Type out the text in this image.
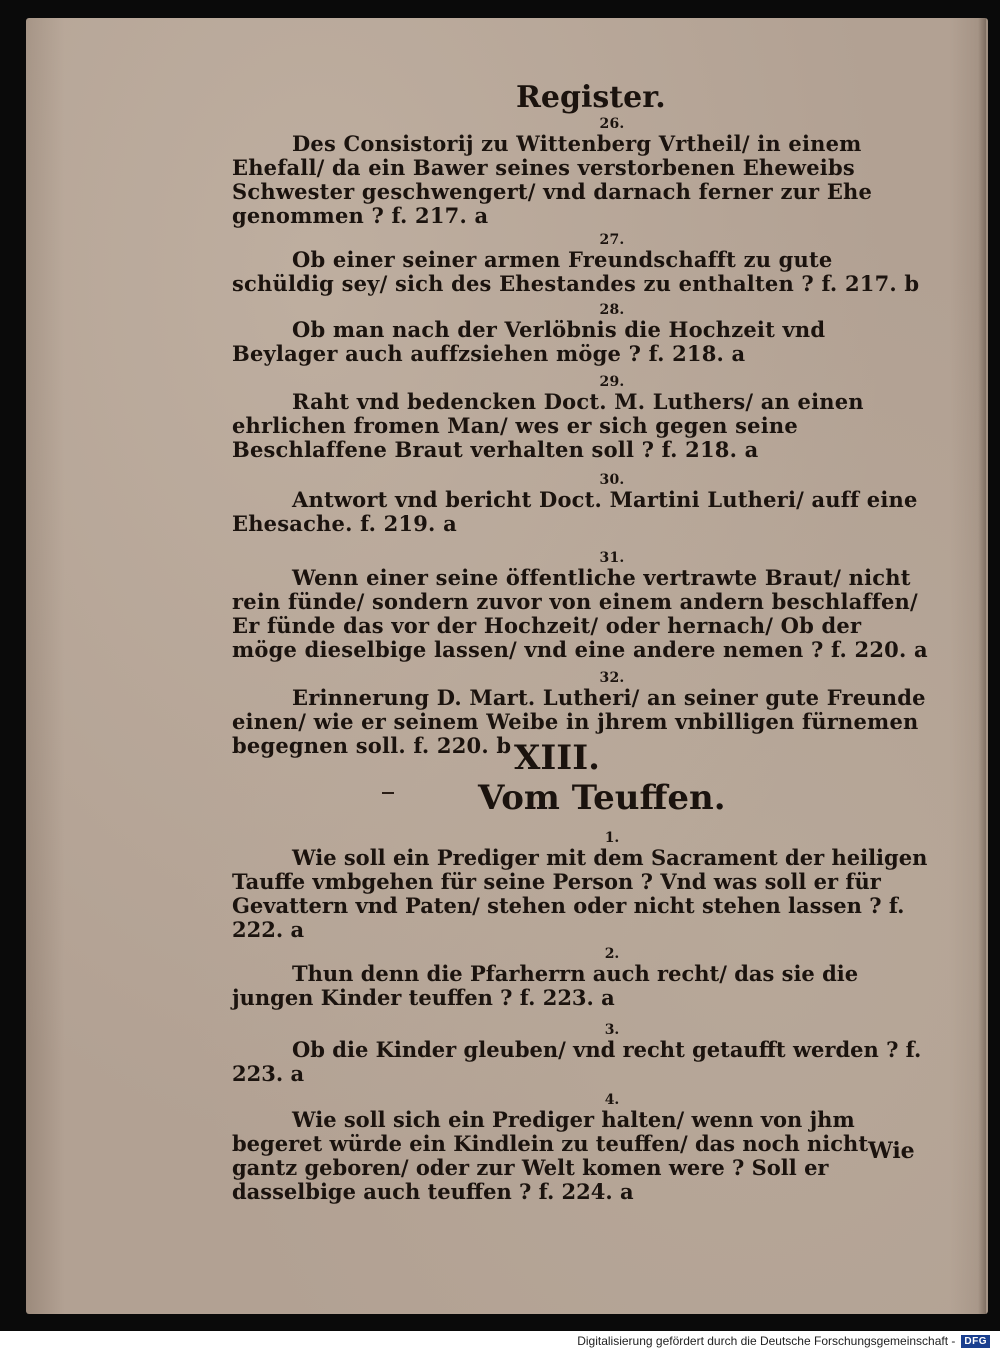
Register.
26.
Des Consistorij zu Wittenberg Vrtheil/ in einem Ehefall/ da ein Bawer seines verstorbenen Eheweibs Schwester geschwengert/ vnd darnach ferner zur Ehe genommen ? f. 217. a
27.
Ob einer seiner armen Freundschafft zu gute schüldig sey/ sich des Ehestandes zu enthalten ? f. 217. b
28.
Ob man nach der Verlöbnis die Hochzeit vnd Beylager auch auffzsiehen möge ? f. 218. a
29.
Raht vnd bedencken Doct. M. Luthers/ an einen ehrlichen fromen Man/ wes er sich gegen seine Beschlaffene Braut verhalten soll ? f. 218. a
30.
Antwort vnd bericht Doct. Martini Lutheri/ auff eine Ehesache. f. 219. a
31.
Wenn einer seine öffentliche vertrawte Braut/ nicht rein fünde/ sondern zuvor von einem andern beschlaffen/ Er fünde das vor der Hochzeit/ oder hernach/ Ob der möge dieselbige lassen/ vnd eine andere nemen ? f. 220. a
32.
Erinnerung D. Mart. Lutheri/ an seiner gute Freunde einen/ wie er seinem Weibe in jhrem vnbilligen fürnemen begegnen soll. f. 220. b XIII.
Vom Teuffen.
1.
Wie soll ein Prediger mit dem Sacrament der heiligen Tauffe vmbgehen für seine Person ? Vnd was soll er für Gevattern vnd Paten/ stehen oder nicht stehen lassen ? f. 222. a
2.
Thun denn die Pfarherrn auch recht/ das sie die jungen Kinder teuffen ? f. 223. a
3.
Ob die Kinder gleuben/ vnd recht getaufft werden ? f. 223. a
4.
Wie soll sich ein Prediger halten/ wenn von jhm begeret würde ein Kindlein zu teuffen/ das noch nicht gantz geboren/ oder zur Welt komen were ? Soll er dasselbige auch teuffen ? f. 224. a
Wie
Digitalisierung gefördert durch die Deutsche Forschungsgemeinschaft - DFG
